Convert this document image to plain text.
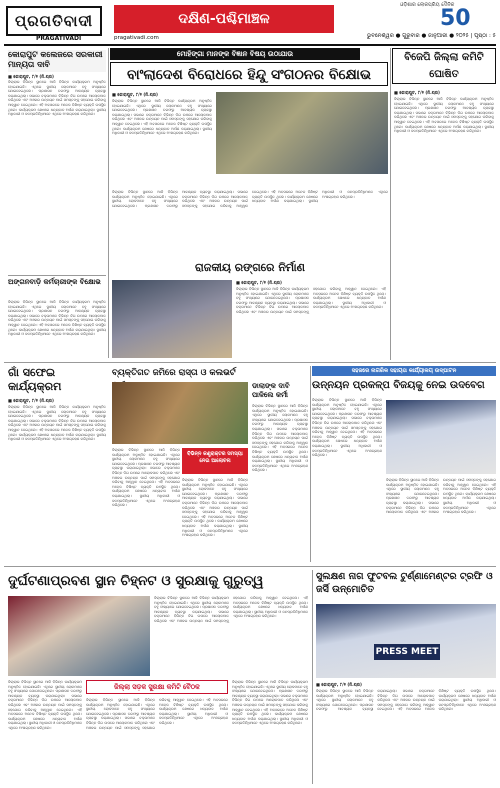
ପ୍ରଗତିବାଦୀ
PRAGATIVADI	pragativadi.com
ଦକ୍ଷିଣ-ପଶ୍ଚିମାଞ୍ଚଳ
ଓଡ଼ିଶାର ଲୋକପ୍ରିୟ ଦୈନିକ
50
ଭୁବନେଶ୍ୱର ● ଗୁରୁବାର ● ଜାନୁଆରୀ ● ୨୦୨୫ | ପୃଷ୍ଠା : ୫
କୋରାପୁଟ କଲେଜରେ ସରକାରୀ ମାନ୍ୟତା ଦାବି
■ କୋରାପୁଟ, ୮/୧ (ନି.ପ୍ର)
ଜିଲ୍ଲାର ବିଭିନ୍ନ ସ୍ଥାନରେ ଆଜି ବିଭିନ୍ନ କାର୍ଯ୍ୟକ୍ରମ ଅନୁଷ୍ଠିତ ହୋଇଯାଇଛି। ଏଥିରେ ସ୍ଥାନୀୟ ଲୋକମାନେ ବହୁ ସଂଖ୍ୟାରେ ଯୋଗଦେଇଥିଲେ। ପ୍ରଶାସନ ତରଫରୁ ଆବଶ୍ୟକ ବ୍ୟବସ୍ଥା କରାଯାଇଥିଲା। ସଭାରେ ବକ୍ତାମାନେ ବିଭିନ୍ନ ଦିଗ ଉପରେ ଆଲୋକପାତ କରିଥିଲେ ଏବଂ ଅଞ୍ଚଳର ଉନ୍ନୟନ ପାଇଁ ସମସ୍ତଙ୍କୁ ସହଯୋଗ କରିବାକୁ ଆହ୍ୱାନ ଦେଇଥିଲେ। ଏହି ଅବସରରେ ଅନେକ ବିଶିଷ୍ଟ ବ୍ୟକ୍ତି ଉପସ୍ଥିତ ଥିଲେ। କାର୍ଯ୍ୟକ୍ରମ ଶେଷରେ ଧନ୍ୟବାଦ ଅର୍ପଣ କରାଯାଇଥିଲା। ସ୍ଥାନୀୟ ଅଧିକାରୀ ଓ ଜନପ୍ରତିନିଧିମାନେ ଏଥିରେ ଅଂଶଗ୍ରହଣ କରିଥିଲେ।
ମୋହିଙ୍ଗା ମାନଙ୍କ ବିଜ୍ଞାନ ବିଷୟ ଉଠାଯାଉ
ବାଂଲାଦେଶ ବିରୋଧରେ ହିନ୍ଦୁ ସଂଗଠନର ବିକ୍ଷୋଭ
ବିଜେପି ଜିଲ୍ଲା କମିଟି ଘୋଷିତ
■ କୋରାପୁଟ, ୮/୧ (ନି.ପ୍ର)
ଜିଲ୍ଲାର ବିଭିନ୍ନ ସ୍ଥାନରେ ଆଜି ବିଭିନ୍ନ କାର୍ଯ୍ୟକ୍ରମ ଅନୁଷ୍ଠିତ ହୋଇଯାଇଛି। ଏଥିରେ ସ୍ଥାନୀୟ ଲୋକମାନେ ବହୁ ସଂଖ୍ୟାରେ ଯୋଗଦେଇଥିଲେ। ପ୍ରଶାସନ ତରଫରୁ ଆବଶ୍ୟକ ବ୍ୟବସ୍ଥା କରାଯାଇଥିଲା। ସଭାରେ ବକ୍ତାମାନେ ବିଭିନ୍ନ ଦିଗ ଉପରେ ଆଲୋକପାତ କରିଥିଲେ ଏବଂ ଅଞ୍ଚଳର ଉନ୍ନୟନ ପାଇଁ ସମସ୍ତଙ୍କୁ ସହଯୋଗ କରିବାକୁ ଆହ୍ୱାନ ଦେଇଥିଲେ। ଏହି ଅବସରରେ ଅନେକ ବିଶିଷ୍ଟ ବ୍ୟକ୍ତି ଉପସ୍ଥିତ ଥିଲେ। କାର୍ଯ୍ୟକ୍ରମ ଶେଷରେ ଧନ୍ୟବାଦ ଅର୍ପଣ କରାଯାଇଥିଲା। ସ୍ଥାନୀୟ ଅଧିକାରୀ ଓ ଜନପ୍ରତିନିଧିମାନେ ଏଥିରେ ଅଂଶଗ୍ରହଣ କରିଥିଲେ।
■ କୋରାପୁଟ, ୮/୧ (ନି.ପ୍ର)
ଜିଲ୍ଲାର ବିଭିନ୍ନ ସ୍ଥାନରେ ଆଜି ବିଭିନ୍ନ କାର୍ଯ୍ୟକ୍ରମ ଅନୁଷ୍ଠିତ ହୋଇଯାଇଛି। ଏଥିରେ ସ୍ଥାନୀୟ ଲୋକମାନେ ବହୁ ସଂଖ୍ୟାରେ ଯୋଗଦେଇଥିଲେ। ପ୍ରଶାସନ ତରଫରୁ ଆବଶ୍ୟକ ବ୍ୟବସ୍ଥା କରାଯାଇଥିଲା। ସଭାରେ ବକ୍ତାମାନେ ବିଭିନ୍ନ ଦିଗ ଉପରେ ଆଲୋକପାତ କରିଥିଲେ ଏବଂ ଅଞ୍ଚଳର ଉନ୍ନୟନ ପାଇଁ ସମସ୍ତଙ୍କୁ ସହଯୋଗ କରିବାକୁ ଆହ୍ୱାନ ଦେଇଥିଲେ। ଏହି ଅବସରରେ ଅନେକ ବିଶିଷ୍ଟ ବ୍ୟକ୍ତି ଉପସ୍ଥିତ ଥିଲେ। କାର୍ଯ୍ୟକ୍ରମ ଶେଷରେ ଧନ୍ୟବାଦ ଅର୍ପଣ କରାଯାଇଥିଲା। ସ୍ଥାନୀୟ ଅଧିକାରୀ ଓ ଜନପ୍ରତିନିଧିମାନେ ଏଥିରେ ଅଂଶଗ୍ରହଣ କରିଥିଲେ।
ଜିଲ୍ଲାର ବିଭିନ୍ନ ସ୍ଥାନରେ ଆଜି ବିଭିନ୍ନ କାର୍ଯ୍ୟକ୍ରମ ଅନୁଷ୍ଠିତ ହୋଇଯାଇଛି। ଏଥିରେ ସ୍ଥାନୀୟ ଲୋକମାନେ ବହୁ ସଂଖ୍ୟାରେ ଯୋଗଦେଇଥିଲେ। ପ୍ରଶାସନ ତରଫରୁ ଆବଶ୍ୟକ ବ୍ୟବସ୍ଥା କରାଯାଇଥିଲା। ସଭାରେ ବକ୍ତାମାନେ ବିଭିନ୍ନ ଦିଗ ଉପରେ ଆଲୋକପାତ କରିଥିଲେ ଏବଂ ଅଞ୍ଚଳର ଉନ୍ନୟନ ପାଇଁ ସମସ୍ତଙ୍କୁ ସହଯୋଗ କରିବାକୁ ଆହ୍ୱାନ ଦେଇଥିଲେ। ଏହି ଅବସରରେ ଅନେକ ବିଶିଷ୍ଟ ବ୍ୟକ୍ତି ଉପସ୍ଥିତ ଥିଲେ। କାର୍ଯ୍ୟକ୍ରମ ଶେଷରେ ଧନ୍ୟବାଦ ଅର୍ପଣ କରାଯାଇଥିଲା। ସ୍ଥାନୀୟ ଅଧିକାରୀ ଓ ଜନପ୍ରତିନିଧିମାନେ ଏଥିରେ ଅଂଶଗ୍ରହଣ କରିଥିଲେ।
ଅଙ୍ଗନବାଡ଼ି କର୍ମଚାରୀଙ୍କ ବିକ୍ଷୋଭ
ଜିଲ୍ଲାର ବିଭିନ୍ନ ସ୍ଥାନରେ ଆଜି ବିଭିନ୍ନ କାର୍ଯ୍ୟକ୍ରମ ଅନୁଷ୍ଠିତ ହୋଇଯାଇଛି। ଏଥିରେ ସ୍ଥାନୀୟ ଲୋକମାନେ ବହୁ ସଂଖ୍ୟାରେ ଯୋଗଦେଇଥିଲେ। ପ୍ରଶାସନ ତରଫରୁ ଆବଶ୍ୟକ ବ୍ୟବସ୍ଥା କରାଯାଇଥିଲା। ସଭାରେ ବକ୍ତାମାନେ ବିଭିନ୍ନ ଦିଗ ଉପରେ ଆଲୋକପାତ କରିଥିଲେ ଏବଂ ଅଞ୍ଚଳର ଉନ୍ନୟନ ପାଇଁ ସମସ୍ତଙ୍କୁ ସହଯୋଗ କରିବାକୁ ଆହ୍ୱାନ ଦେଇଥିଲେ। ଏହି ଅବସରରେ ଅନେକ ବିଶିଷ୍ଟ ବ୍ୟକ୍ତି ଉପସ୍ଥିତ ଥିଲେ। କାର୍ଯ୍ୟକ୍ରମ ଶେଷରେ ଧନ୍ୟବାଦ ଅର୍ପଣ କରାଯାଇଥିଲା। ସ୍ଥାନୀୟ ଅଧିକାରୀ ଓ ଜନପ୍ରତିନିଧିମାନେ ଏଥିରେ ଅଂଶଗ୍ରହଣ କରିଥିଲେ।
ରାଜକୀୟ ରଙ୍ଗରେ ନିର୍ମାଣ
■ କୋରାପୁଟ, ୮/୧ (ନି.ପ୍ର)
ଜିଲ୍ଲାର ବିଭିନ୍ନ ସ୍ଥାନରେ ଆଜି ବିଭିନ୍ନ କାର୍ଯ୍ୟକ୍ରମ ଅନୁଷ୍ଠିତ ହୋଇଯାଇଛି। ଏଥିରେ ସ୍ଥାନୀୟ ଲୋକମାନେ ବହୁ ସଂଖ୍ୟାରେ ଯୋଗଦେଇଥିଲେ। ପ୍ରଶାସନ ତରଫରୁ ଆବଶ୍ୟକ ବ୍ୟବସ୍ଥା କରାଯାଇଥିଲା। ସଭାରେ ବକ୍ତାମାନେ ବିଭିନ୍ନ ଦିଗ ଉପରେ ଆଲୋକପାତ କରିଥିଲେ ଏବଂ ଅଞ୍ଚଳର ଉନ୍ନୟନ ପାଇଁ ସମସ୍ତଙ୍କୁ ସହଯୋଗ କରିବାକୁ ଆହ୍ୱାନ ଦେଇଥିଲେ। ଏହି ଅବସରରେ ଅନେକ ବିଶିଷ୍ଟ ବ୍ୟକ୍ତି ଉପସ୍ଥିତ ଥିଲେ। କାର୍ଯ୍ୟକ୍ରମ ଶେଷରେ ଧନ୍ୟବାଦ ଅର୍ପଣ କରାଯାଇଥିଲା। ସ୍ଥାନୀୟ ଅଧିକାରୀ ଓ ଜନପ୍ରତିନିଧିମାନେ ଏଥିରେ ଅଂଶଗ୍ରହଣ କରିଥିଲେ।
ଗାଁ ସଫେଇ କାର୍ଯ୍ୟକ୍ରମ
■ କୋରାପୁଟ, ୮/୧ (ନି.ପ୍ର)
ଜିଲ୍ଲାର ବିଭିନ୍ନ ସ୍ଥାନରେ ଆଜି ବିଭିନ୍ନ କାର୍ଯ୍ୟକ୍ରମ ଅନୁଷ୍ଠିତ ହୋଇଯାଇଛି। ଏଥିରେ ସ୍ଥାନୀୟ ଲୋକମାନେ ବହୁ ସଂଖ୍ୟାରେ ଯୋଗଦେଇଥିଲେ। ପ୍ରଶାସନ ତରଫରୁ ଆବଶ୍ୟକ ବ୍ୟବସ୍ଥା କରାଯାଇଥିଲା। ସଭାରେ ବକ୍ତାମାନେ ବିଭିନ୍ନ ଦିଗ ଉପରେ ଆଲୋକପାତ କରିଥିଲେ ଏବଂ ଅଞ୍ଚଳର ଉନ୍ନୟନ ପାଇଁ ସମସ୍ତଙ୍କୁ ସହଯୋଗ କରିବାକୁ ଆହ୍ୱାନ ଦେଇଥିଲେ। ଏହି ଅବସରରେ ଅନେକ ବିଶିଷ୍ଟ ବ୍ୟକ୍ତି ଉପସ୍ଥିତ ଥିଲେ। କାର୍ଯ୍ୟକ୍ରମ ଶେଷରେ ଧନ୍ୟବାଦ ଅର୍ପଣ କରାଯାଇଥିଲା। ସ୍ଥାନୀୟ ଅଧିକାରୀ ଓ ଜନପ୍ରତିନିଧିମାନେ ଏଥିରେ ଅଂଶଗ୍ରହଣ କରିଥିଲେ।
ବ୍ୟକ୍ତିଗତ ଜମିରେ ରାସ୍ତା ଓ କଲଭର୍ଟ
ଜିଲ୍ଲାର ବିଭିନ୍ନ ସ୍ଥାନରେ ଆଜି ବିଭିନ୍ନ କାର୍ଯ୍ୟକ୍ରମ ଅନୁଷ୍ଠିତ ହୋଇଯାଇଛି। ଏଥିରେ ସ୍ଥାନୀୟ ଲୋକମାନେ ବହୁ ସଂଖ୍ୟାରେ ଯୋଗଦେଇଥିଲେ। ପ୍ରଶାସନ ତରଫରୁ ଆବଶ୍ୟକ ବ୍ୟବସ୍ଥା କରାଯାଇଥିଲା। ସଭାରେ ବକ୍ତାମାନେ ବିଭିନ୍ନ ଦିଗ ଉପରେ ଆଲୋକପାତ କରିଥିଲେ ଏବଂ ଅଞ୍ଚଳର ଉନ୍ନୟନ ପାଇଁ ସମସ୍ତଙ୍କୁ ସହଯୋଗ କରିବାକୁ ଆହ୍ୱାନ ଦେଇଥିଲେ। ଏହି ଅବସରରେ ଅନେକ ବିଶିଷ୍ଟ ବ୍ୟକ୍ତି ଉପସ୍ଥିତ ଥିଲେ। କାର୍ଯ୍ୟକ୍ରମ ଶେଷରେ ଧନ୍ୟବାଦ ଅର୍ପଣ କରାଯାଇଥିଲା। ସ୍ଥାନୀୟ ଅଧିକାରୀ ଓ ଜନପ୍ରତିନିଧିମାନେ ଏଥିରେ ଅଂଶଗ୍ରହଣ କରିଥିଲେ।
ବିଭିନ୍ନ କଣ୍ଟ୍ରାକ୍ଟର ସମସ୍ୟା ନେଇ ଆଲୋଚନା
ଜିଲ୍ଲାର ବିଭିନ୍ନ ସ୍ଥାନରେ ଆଜି ବିଭିନ୍ନ କାର୍ଯ୍ୟକ୍ରମ ଅନୁଷ୍ଠିତ ହୋଇଯାଇଛି। ଏଥିରେ ସ୍ଥାନୀୟ ଲୋକମାନେ ବହୁ ସଂଖ୍ୟାରେ ଯୋଗଦେଇଥିଲେ। ପ୍ରଶାସନ ତରଫରୁ ଆବଶ୍ୟକ ବ୍ୟବସ୍ଥା କରାଯାଇଥିଲା। ସଭାରେ ବକ୍ତାମାନେ ବିଭିନ୍ନ ଦିଗ ଉପରେ ଆଲୋକପାତ କରିଥିଲେ ଏବଂ ଅଞ୍ଚଳର ଉନ୍ନୟନ ପାଇଁ ସମସ୍ତଙ୍କୁ ସହଯୋଗ କରିବାକୁ ଆହ୍ୱାନ ଦେଇଥିଲେ। ଏହି ଅବସରରେ ଅନେକ ବିଶିଷ୍ଟ ବ୍ୟକ୍ତି ଉପସ୍ଥିତ ଥିଲେ। କାର୍ଯ୍ୟକ୍ରମ ଶେଷରେ ଧନ୍ୟବାଦ ଅର୍ପଣ କରାଯାଇଥିଲା। ସ୍ଥାନୀୟ ଅଧିକାରୀ ଓ ଜନପ୍ରତିନିଧିମାନେ ଏଥିରେ ଅଂଶଗ୍ରହଣ କରିଥିଲେ।
ଡାଲାଙ୍କ ଦାବି ପାଳିଲେ କର୍ମୀ
ଜିଲ୍ଲାର ବିଭିନ୍ନ ସ୍ଥାନରେ ଆଜି ବିଭିନ୍ନ କାର୍ଯ୍ୟକ୍ରମ ଅନୁଷ୍ଠିତ ହୋଇଯାଇଛି। ଏଥିରେ ସ୍ଥାନୀୟ ଲୋକମାନେ ବହୁ ସଂଖ୍ୟାରେ ଯୋଗଦେଇଥିଲେ। ପ୍ରଶାସନ ତରଫରୁ ଆବଶ୍ୟକ ବ୍ୟବସ୍ଥା କରାଯାଇଥିଲା। ସଭାରେ ବକ୍ତାମାନେ ବିଭିନ୍ନ ଦିଗ ଉପରେ ଆଲୋକପାତ କରିଥିଲେ ଏବଂ ଅଞ୍ଚଳର ଉନ୍ନୟନ ପାଇଁ ସମସ୍ତଙ୍କୁ ସହଯୋଗ କରିବାକୁ ଆହ୍ୱାନ ଦେଇଥିଲେ। ଏହି ଅବସରରେ ଅନେକ ବିଶିଷ୍ଟ ବ୍ୟକ୍ତି ଉପସ୍ଥିତ ଥିଲେ। କାର୍ଯ୍ୟକ୍ରମ ଶେଷରେ ଧନ୍ୟବାଦ ଅର୍ପଣ କରାଯାଇଥିଲା। ସ୍ଥାନୀୟ ଅଧିକାରୀ ଓ ଜନପ୍ରତିନିଧିମାନେ ଏଥିରେ ଅଂଶଗ୍ରହଣ କରିଥିଲେ।
ସହଜରେ ନାଗରିକ ସହାୟତା କାର୍ଯ୍ୟାଳୟ ଉଦ୍‌ଘାଟନ
ଉନ୍ନୟନ ପ୍ରକଳ୍ପ ବିଜୟକୁ ନେଇ ଉଦବେଗ
ଜିଲ୍ଲାର ବିଭିନ୍ନ ସ୍ଥାନରେ ଆଜି ବିଭିନ୍ନ କାର୍ଯ୍ୟକ୍ରମ ଅନୁଷ୍ଠିତ ହୋଇଯାଇଛି। ଏଥିରେ ସ୍ଥାନୀୟ ଲୋକମାନେ ବହୁ ସଂଖ୍ୟାରେ ଯୋଗଦେଇଥିଲେ। ପ୍ରଶାସନ ତରଫରୁ ଆବଶ୍ୟକ ବ୍ୟବସ୍ଥା କରାଯାଇଥିଲା। ସଭାରେ ବକ୍ତାମାନେ ବିଭିନ୍ନ ଦିଗ ଉପରେ ଆଲୋକପାତ କରିଥିଲେ ଏବଂ ଅଞ୍ଚଳର ଉନ୍ନୟନ ପାଇଁ ସମସ୍ତଙ୍କୁ ସହଯୋଗ କରିବାକୁ ଆହ୍ୱାନ ଦେଇଥିଲେ। ଏହି ଅବସରରେ ଅନେକ ବିଶିଷ୍ଟ ବ୍ୟକ୍ତି ଉପସ୍ଥିତ ଥିଲେ। କାର୍ଯ୍ୟକ୍ରମ ଶେଷରେ ଧନ୍ୟବାଦ ଅର୍ପଣ କରାଯାଇଥିଲା। ସ୍ଥାନୀୟ ଅଧିକାରୀ ଓ ଜନପ୍ରତିନିଧିମାନେ ଏଥିରେ ଅଂଶଗ୍ରହଣ କରିଥିଲେ।
ଜିଲ୍ଲାର ବିଭିନ୍ନ ସ୍ଥାନରେ ଆଜି ବିଭିନ୍ନ କାର୍ଯ୍ୟକ୍ରମ ଅନୁଷ୍ଠିତ ହୋଇଯାଇଛି। ଏଥିରେ ସ୍ଥାନୀୟ ଲୋକମାନେ ବହୁ ସଂଖ୍ୟାରେ ଯୋଗଦେଇଥିଲେ। ପ୍ରଶାସନ ତରଫରୁ ଆବଶ୍ୟକ ବ୍ୟବସ୍ଥା କରାଯାଇଥିଲା। ସଭାରେ ବକ୍ତାମାନେ ବିଭିନ୍ନ ଦିଗ ଉପରେ ଆଲୋକପାତ କରିଥିଲେ ଏବଂ ଅଞ୍ଚଳର ଉନ୍ନୟନ ପାଇଁ ସମସ୍ତଙ୍କୁ ସହଯୋଗ କରିବାକୁ ଆହ୍ୱାନ ଦେଇଥିଲେ। ଏହି ଅବସରରେ ଅନେକ ବିଶିଷ୍ଟ ବ୍ୟକ୍ତି ଉପସ୍ଥିତ ଥିଲେ। କାର୍ଯ୍ୟକ୍ରମ ଶେଷରେ ଧନ୍ୟବାଦ ଅର୍ପଣ କରାଯାଇଥିଲା। ସ୍ଥାନୀୟ ଅଧିକାରୀ ଓ ଜନପ୍ରତିନିଧିମାନେ ଏଥିରେ ଅଂଶଗ୍ରହଣ କରିଥିଲେ।
ଦୁର୍ଘଟଣାପ୍ରବଣ ସ୍ଥାନ ଚିହ୍ନଟ ଓ ସୁରକ୍ଷାକୁ ଗୁରୁତ୍ୱ	ସୁଲକ୍ଷଣ ନାଗ ଫୁଟବଲ ଟୁର୍ଣ୍ଣାମେଣ୍ଟର ଟ୍ରଫି ଓ ଜର୍ସି ଉନ୍ମୋଚିତ
ଜିଲ୍ଲାର ବିଭିନ୍ନ ସ୍ଥାନରେ ଆଜି ବିଭିନ୍ନ କାର୍ଯ୍ୟକ୍ରମ ଅନୁଷ୍ଠିତ ହୋଇଯାଇଛି। ଏଥିରେ ସ୍ଥାନୀୟ ଲୋକମାନେ ବହୁ ସଂଖ୍ୟାରେ ଯୋଗଦେଇଥିଲେ। ପ୍ରଶାସନ ତରଫରୁ ଆବଶ୍ୟକ ବ୍ୟବସ୍ଥା କରାଯାଇଥିଲା। ସଭାରେ ବକ୍ତାମାନେ ବିଭିନ୍ନ ଦିଗ ଉପରେ ଆଲୋକପାତ କରିଥିଲେ ଏବଂ ଅଞ୍ଚଳର ଉନ୍ନୟନ ପାଇଁ ସମସ୍ତଙ୍କୁ ସହଯୋଗ କରିବାକୁ ଆହ୍ୱାନ ଦେଇଥିଲେ। ଏହି ଅବସରରେ ଅନେକ ବିଶିଷ୍ଟ ବ୍ୟକ୍ତି ଉପସ୍ଥିତ ଥିଲେ। କାର୍ଯ୍ୟକ୍ରମ ଶେଷରେ ଧନ୍ୟବାଦ ଅର୍ପଣ କରାଯାଇଥିଲା। ସ୍ଥାନୀୟ ଅଧିକାରୀ ଓ ଜନପ୍ରତିନିଧିମାନେ ଏଥିରେ ଅଂଶଗ୍ରହଣ କରିଥିଲେ।
ଜିଲ୍ଲା ସଡ଼କ ସୁରକ୍ଷା କମିଟି ବୈଠକ
ଜିଲ୍ଲାର ବିଭିନ୍ନ ସ୍ଥାନରେ ଆଜି ବିଭିନ୍ନ କାର୍ଯ୍ୟକ୍ରମ ଅନୁଷ୍ଠିତ ହୋଇଯାଇଛି। ଏଥିରେ ସ୍ଥାନୀୟ ଲୋକମାନେ ବହୁ ସଂଖ୍ୟାରେ ଯୋଗଦେଇଥିଲେ। ପ୍ରଶାସନ ତରଫରୁ ଆବଶ୍ୟକ ବ୍ୟବସ୍ଥା କରାଯାଇଥିଲା। ସଭାରେ ବକ୍ତାମାନେ ବିଭିନ୍ନ ଦିଗ ଉପରେ ଆଲୋକପାତ କରିଥିଲେ ଏବଂ ଅଞ୍ଚଳର ଉନ୍ନୟନ ପାଇଁ ସମସ୍ତଙ୍କୁ ସହଯୋଗ କରିବାକୁ ଆହ୍ୱାନ ଦେଇଥିଲେ। ଏହି ଅବସରରେ ଅନେକ ବିଶିଷ୍ଟ ବ୍ୟକ୍ତି ଉପସ୍ଥିତ ଥିଲେ। କାର୍ଯ୍ୟକ୍ରମ ଶେଷରେ ଧନ୍ୟବାଦ ଅର୍ପଣ କରାଯାଇଥିଲା। ସ୍ଥାନୀୟ ଅଧିକାରୀ ଓ ଜନପ୍ରତିନିଧିମାନେ ଏଥିରେ ଅଂଶଗ୍ରହଣ କରିଥିଲେ।
ଜିଲ୍ଲାର ବିଭିନ୍ନ ସ୍ଥାନରେ ଆଜି ବିଭିନ୍ନ କାର୍ଯ୍ୟକ୍ରମ ଅନୁଷ୍ଠିତ ହୋଇଯାଇଛି। ଏଥିରେ ସ୍ଥାନୀୟ ଲୋକମାନେ ବହୁ ସଂଖ୍ୟାରେ ଯୋଗଦେଇଥିଲେ। ପ୍ରଶାସନ ତରଫରୁ ଆବଶ୍ୟକ ବ୍ୟବସ୍ଥା କରାଯାଇଥିଲା। ସଭାରେ ବକ୍ତାମାନେ ବିଭିନ୍ନ ଦିଗ ଉପରେ ଆଲୋକପାତ କରିଥିଲେ ଏବଂ ଅଞ୍ଚଳର ଉନ୍ନୟନ ପାଇଁ ସମସ୍ତଙ୍କୁ ସହଯୋଗ କରିବାକୁ ଆହ୍ୱାନ ଦେଇଥିଲେ। ଏହି ଅବସରରେ ଅନେକ ବିଶିଷ୍ଟ ବ୍ୟକ୍ତି ଉପସ୍ଥିତ ଥିଲେ। କାର୍ଯ୍ୟକ୍ରମ ଶେଷରେ ଧନ୍ୟବାଦ ଅର୍ପଣ କରାଯାଇଥିଲା। ସ୍ଥାନୀୟ ଅଧିକାରୀ ଓ ଜନପ୍ରତିନିଧିମାନେ ଏଥିରେ ଅଂଶଗ୍ରହଣ କରିଥିଲେ।
ଜିଲ୍ଲାର ବିଭିନ୍ନ ସ୍ଥାନରେ ଆଜି ବିଭିନ୍ନ କାର୍ଯ୍ୟକ୍ରମ ଅନୁଷ୍ଠିତ ହୋଇଯାଇଛି। ଏଥିରେ ସ୍ଥାନୀୟ ଲୋକମାନେ ବହୁ ସଂଖ୍ୟାରେ ଯୋଗଦେଇଥିଲେ। ପ୍ରଶାସନ ତରଫରୁ ଆବଶ୍ୟକ ବ୍ୟବସ୍ଥା କରାଯାଇଥିଲା। ସଭାରେ ବକ୍ତାମାନେ ବିଭିନ୍ନ ଦିଗ ଉପରେ ଆଲୋକପାତ କରିଥିଲେ ଏବଂ ଅଞ୍ଚଳର ଉନ୍ନୟନ ପାଇଁ ସମସ୍ତଙ୍କୁ ସହଯୋଗ କରିବାକୁ ଆହ୍ୱାନ ଦେଇଥିଲେ। ଏହି ଅବସରରେ ଅନେକ ବିଶିଷ୍ଟ ବ୍ୟକ୍ତି ଉପସ୍ଥିତ ଥିଲେ। କାର୍ଯ୍ୟକ୍ରମ ଶେଷରେ ଧନ୍ୟବାଦ ଅର୍ପଣ କରାଯାଇଥିଲା। ସ୍ଥାନୀୟ ଅଧିକାରୀ ଓ ଜନପ୍ରତିନିଧିମାନେ ଏଥିରେ ଅଂଶଗ୍ରହଣ କରିଥିଲେ।
PRESS MEET
■ କୋରାପୁଟ, ୮/୧ (ନି.ପ୍ର)
ଜିଲ୍ଲାର ବିଭିନ୍ନ ସ୍ଥାନରେ ଆଜି ବିଭିନ୍ନ କାର୍ଯ୍ୟକ୍ରମ ଅନୁଷ୍ଠିତ ହୋଇଯାଇଛି। ଏଥିରେ ସ୍ଥାନୀୟ ଲୋକମାନେ ବହୁ ସଂଖ୍ୟାରେ ଯୋଗଦେଇଥିଲେ। ପ୍ରଶାସନ ତରଫରୁ ଆବଶ୍ୟକ ବ୍ୟବସ୍ଥା କରାଯାଇଥିଲା। ସଭାରେ ବକ୍ତାମାନେ ବିଭିନ୍ନ ଦିଗ ଉପରେ ଆଲୋକପାତ କରିଥିଲେ ଏବଂ ଅଞ୍ଚଳର ଉନ୍ନୟନ ପାଇଁ ସମସ୍ତଙ୍କୁ ସହଯୋଗ କରିବାକୁ ଆହ୍ୱାନ ଦେଇଥିଲେ। ଏହି ଅବସରରେ ଅନେକ ବିଶିଷ୍ଟ ବ୍ୟକ୍ତି ଉପସ୍ଥିତ ଥିଲେ। କାର୍ଯ୍ୟକ୍ରମ ଶେଷରେ ଧନ୍ୟବାଦ ଅର୍ପଣ କରାଯାଇଥିଲା। ସ୍ଥାନୀୟ ଅଧିକାରୀ ଓ ଜନପ୍ରତିନିଧିମାନେ ଏଥିରେ ଅଂଶଗ୍ରହଣ କରିଥିଲେ।
